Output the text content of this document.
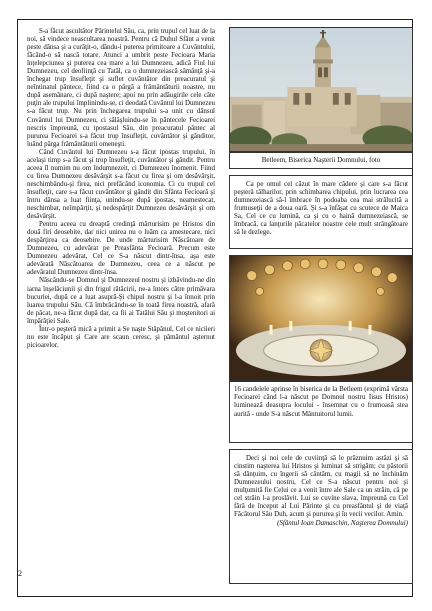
S-a făcut ascultător Părintelui Său, ca, prin trupul cel luat de la noi, să vindece neascultarea noastră. Pentru că Duhul Sfânt a venit peste dânsa şi a curăţit-o, dându-i puterea primitoare a Cuvântului, făcând-o să nască totare. Atunci a umbrit peste Fecioara Maria înţelepciunea şi puterea cea mare a lui Dumnezeu, adică Fiul lui Dumnezeu, cel deofiinţă cu Tatăl, ca o dumnezeiască sămânţă şi-a închegat trup însufleţit şi suflet cuvântător din preacuratul şi neîntinatul pântece, fiind ca o pârgă a frământăturii noastre, nu după asemănare, ci după naştere; apoi nu prin adăugirile cele câte puţin ale trupului împlinindu-se, ci deodată Cuvântul lui Dumnezeu s-a făcut trup. Nu prin închegarea trupului s-a unit cu dânsul Cuvântul lui Dumnezeu, ci sălăşluindu-se în pântecele Fecioarei nescris împreună, cu ipostasul Său, din preacuratul pântec al pururea Fecioarei s-a făcut trup însufleţit, cuvântător şi gânditor, luând pârga frământăturii omeneşti.

Când Cuvântul lui Dumnezeu s-a făcut ipostas trupului, în acelaşi timp s-a făcut şi trup însufleţit, cuvântător şi gândit. Pentru aceea îl numim nu om îndumnezeit, ci Dumnezeu înomenit. Fiind cu firea Dumnezeu desăvârşit s-a făcut cu firea şi om desăvârşit, neschimbându-şi firea, nici prefăcând iconomia. Ci cu trupul cel însufleţit, care s-a făcut cuvântător şi gândit din Sfânta Fecioară şi întru dânsa a luat fiinţa, unindu-se după ipostas, neamestecat, neschimbat, neîmpărţit, şi nedespărţit Dumnezeu desăvârşit şi om desăvârşit.

Pentru aceea cu dreaptă credinţă mărturisim pe Hristos din două firi deosebite, dar nici unirea nu o luăm ca amestecare, nici despărţirea ca deosebire. De unde mărturisim Născătoare de Dumnezeu, cu adevărat pe Preasfânta Fecioară. Precum este Dumnezeu adevărat, Cel ce S-a născut dintr-însa, aşa este adevărată Născătoarea de Dumnezeu, ceea ce a născut pe adevăratul Dumnezeu dintr-însa.

Născându-se Domnul şi Dumnezeul nostru şi izbăvindu-ne din iarna înşelăciunii şi din frigul rătăcirii, ne-a întors către primăvara bucuriei, după ce a luat asupră-Şi chipul nostru şi l-a înnoit prin luarea trupului Său. Că îmbrăcându-se în toată firea noastră, afară de păcat, ne-a făcut după dar, ca fii ai Tatălui Său şi moştenitori ai împărăţiei Sale.

Într-o peşteră mică a primit a Se naşte Stăpânul, Cel ce niciieri nu este încăput şi Care are scaun ceresc, şi pământul aşternut picioarelor.

Betleem, Biserica Naşterii Domnului, foto

Ca pe omul cel căzut în mare cădere şi care s-a făcut peşteră tâlharilor, prin schimbarea chipului, prin lucrarea cea dumnezeiască să-l îmbrace în podoaba cea mai strălucită a frumuseţii de a doua oară. Şi s-a înfăşat cu scutece de Maica Sa, Cel ce cu lumină, ca şi cu o haină dumnezeiască, se îmbracă, ca lanţurile păcatelor noastre cele mult strângătoare să le dezlege.

16 candelele aprinse în biserica de la Betleem (exprimă vârsta Fecioarei când l-a născut pe Domnul nostru Iisus Hristos) luminează deasupra locului - însemnat cu o frumoasă stea aurită - unde S-a născut Mântuitorul lumii.

Deci şi noi cele de cuviinţă să le prăznuim astăzi şi să cinstim naşterea lui Hristos şi luminat să strigăm; cu păstorii să dănţuim, cu îngerii să cântăm, cu magii să ne închinăm Dumnezeului nostru, Cel ce S-a născut pentru noi şi mulţumită fie Celui ce a venit între ale Sale ca un străin, că pe cel străin l-a proslăvit. Lui se cuvine slava, împreună cu Cel fără de început al Lui Părinte şi cu preasfântul şi de viaţă Făcătorul Său Duh, acum şi pururea şi în vecii vecilor. Amin.

(Sfântul Ioan Damaschin, Naşterea Domnului)
2
